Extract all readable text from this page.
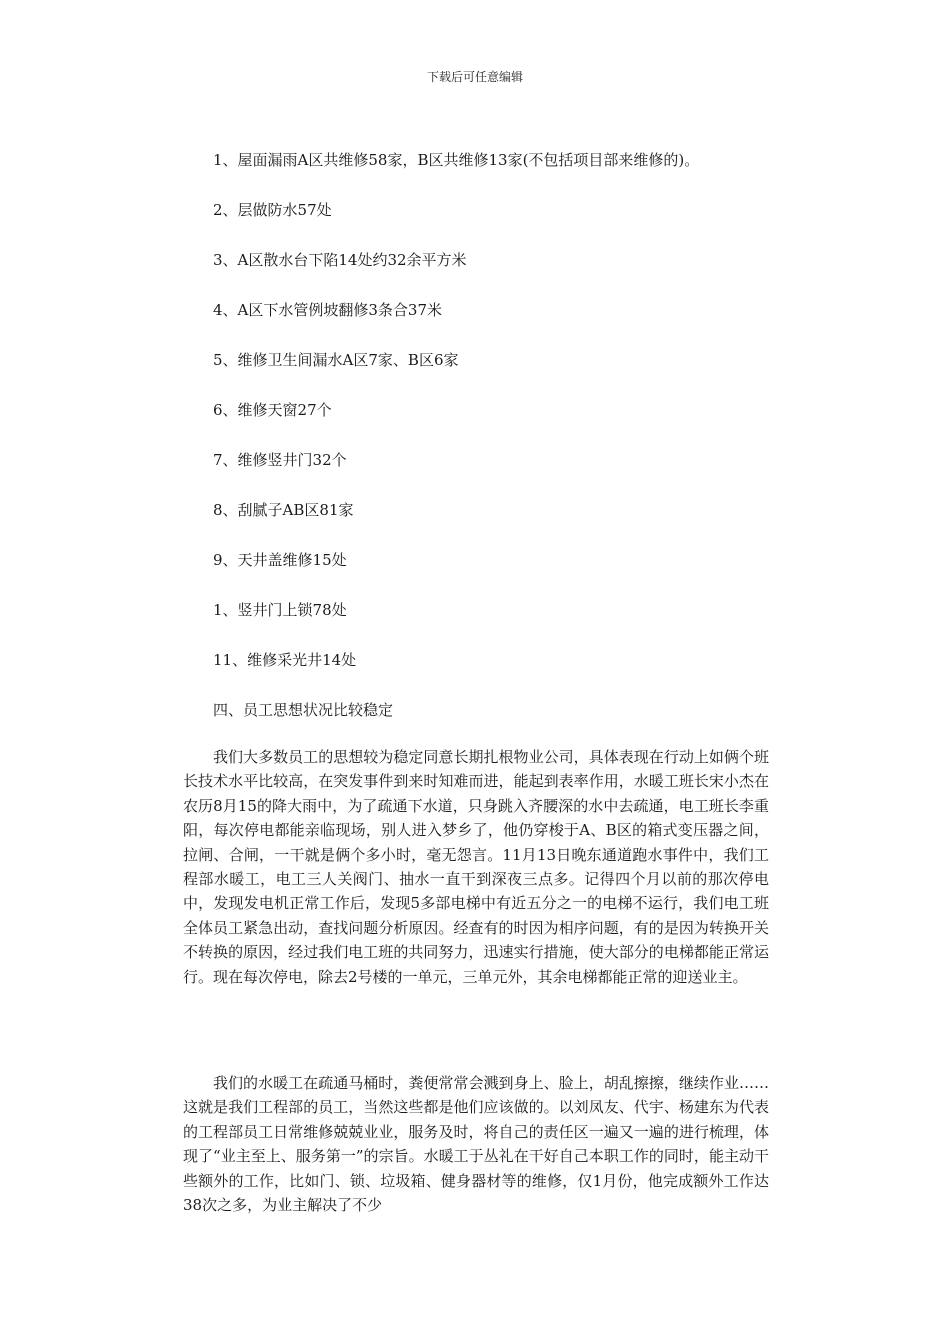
下载后可任意编辑
1、屋面漏雨A区共维修58家，B区共维修13家(不包括项目部来维修的)。
2、层做防水57处
3、A区散水台下陷14处约32余平方米
4、A区下水管例坡翻修3条合37米
5、维修卫生间漏水A区7家、B区6家
6、维修天窗27个
7、维修竖井门32个
8、刮腻子AB区81家
9、天井盖维修15处
1、竖井门上锁78处
11、维修采光井14处
四、员工思想状况比较稳定

我们大多数员工的思想较为稳定同意长期扎根物业公司，具体表现在行动上如俩个班长技术水平比较高，在突发事件到来时知难而进，能起到表率作用，水暖工班长宋小杰在农历8月15的降大雨中，为了疏通下水道，只身跳入齐腰深的水中去疏通，电工班长李重阳，每次停电都能亲临现场，别人进入梦乡了，他仍穿梭于A、B区的箱式变压器之间，拉闸、合闸，一干就是俩个多小时，毫无怨言。11月13日晚东通道跑水事件中，我们工程部水暖工，电工三人关阀门、抽水一直干到深夜三点多。记得四个月以前的那次停电中，发现发电机正常工作后，发现5多部电梯中有近五分之一的电梯不运行，我们电工班全体员工紧急出动，查找问题分析原因。经查有的时因为相序问题，有的是因为转换开关不转换的原因，经过我们电工班的共同努力，迅速实行措施，使大部分的电梯都能正常运行。现在每次停电，除去2号楼的一单元，三单元外，其余电梯都能正常的迎送业主。

我们的水暖工在疏通马桶时，粪便常常会溅到身上、脸上，胡乱擦擦，继续作业……这就是我们工程部的员工，当然这些都是他们应该做的。以刘凤友、代宇、杨建东为代表的工程部员工日常维修兢兢业业，服务及时，将自己的责任区一遍又一遍的进行梳理，体现了“业主至上、服务第一”的宗旨。水暖工于丛礼在干好自己本职工作的同时，能主动干些额外的工作，比如门、锁、垃圾箱、健身器材等的维修，仅1月份，他完成额外工作达38次之多，为业主解决了不少
